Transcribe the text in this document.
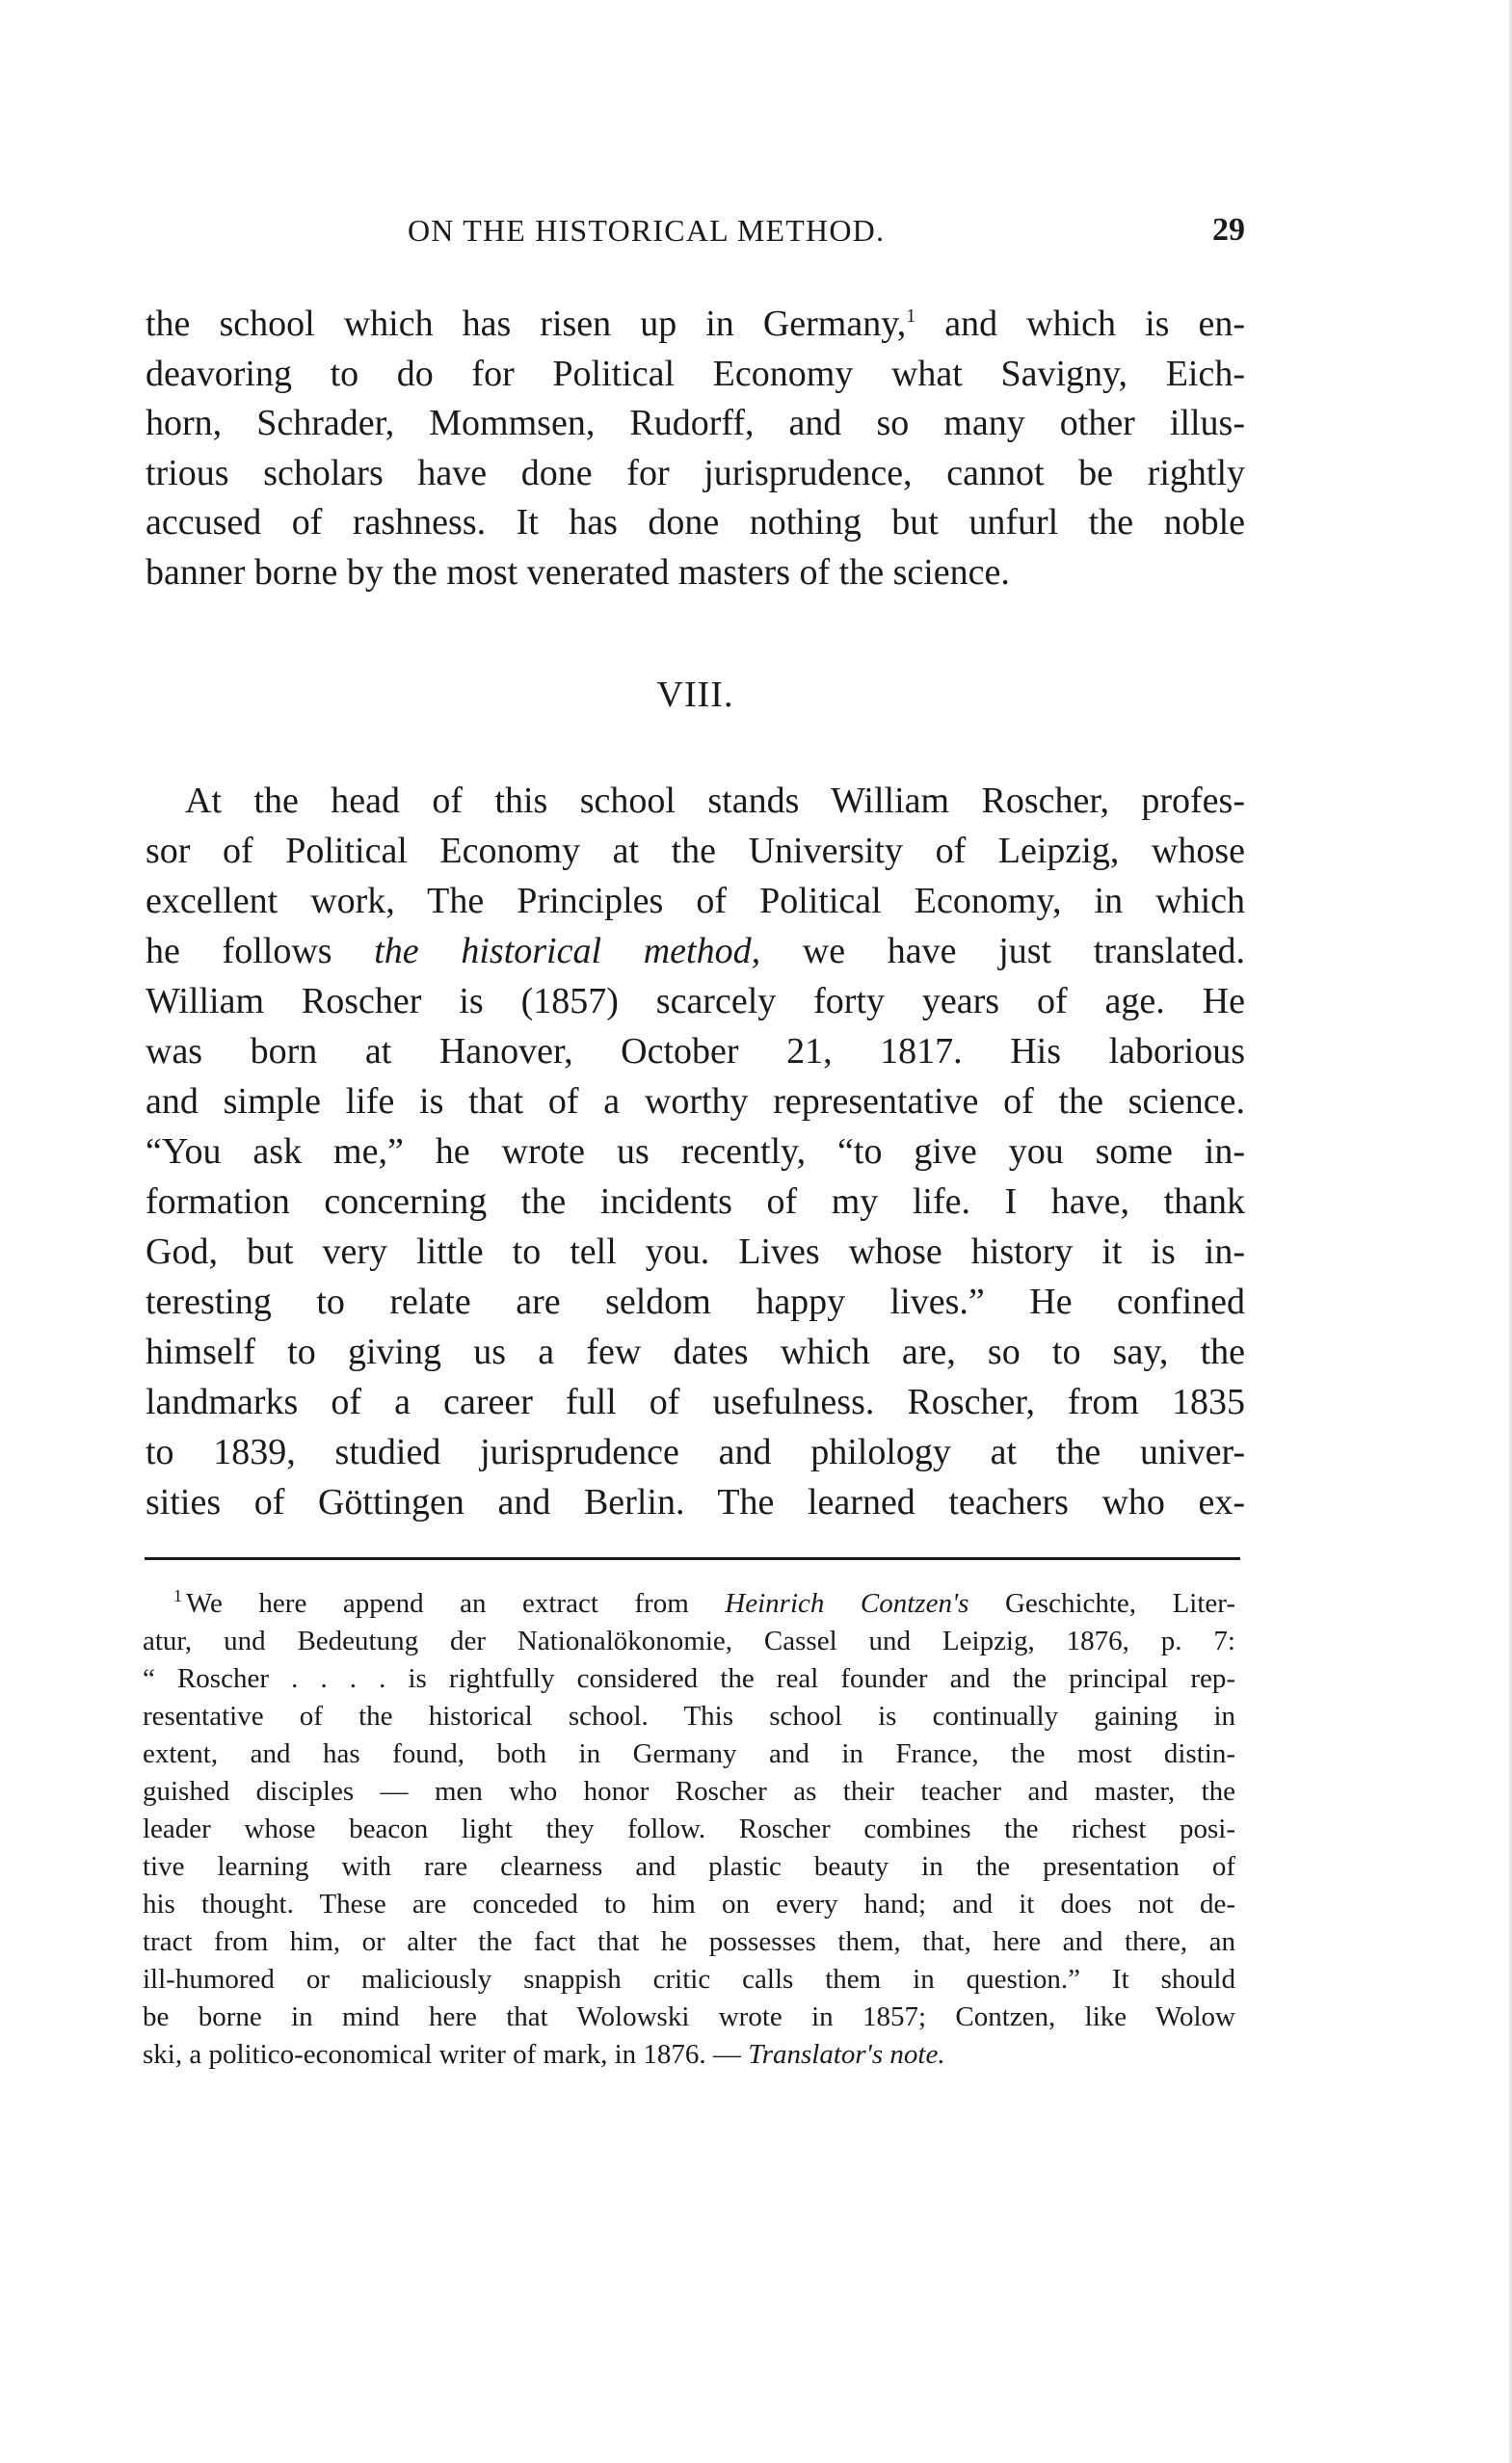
ON THE HISTORICAL METHOD.	29
the school which has risen up in Germany,$^1$ and which is en-
deavoring to do for Political Economy what Savigny, Eich-
horn, Schrader, Mommsen, Rudorff, and so many other illus-
trious scholars have done for jurisprudence, cannot be rightly
accused of rashness. It has done nothing but unfurl the noble
banner borne by the most venerated masters of the science.
VIII.
At the head of this school stands William Roscher, profes-
sor of Political Economy at the University of Leipzig, whose
excellent work, The Principles of Political Economy, in which
he follows the historical method, we have just translated.
William Roscher is (1857) scarcely forty years of age. He
was born at Hanover, October 21, 1817. His laborious
and simple life is that of a worthy representative of the science.
“You ask me,” he wrote us recently, “to give you some in-
formation concerning the incidents of my life. I have, thank
God, but very little to tell you. Lives whose history it is in-
teresting to relate are seldom happy lives.” He confined
himself to giving us a few dates which are, so to say, the
landmarks of a career full of usefulness. Roscher, from 1835
to 1839, studied jurisprudence and philology at the univer-
sities of Göttingen and Berlin. The learned teachers who ex-
$^1$ We here append an extract from Heinrich Contzen's Geschichte, Liter-
atur, und Bedeutung der Nationalökonomie, Cassel und Leipzig, 1876, p. 7:
“ Roscher . . . . is rightfully considered the real founder and the principal rep-
resentative of the historical school. This school is continually gaining in
extent, and has found, both in Germany and in France, the most distin-
guished disciples — men who honor Roscher as their teacher and master, the
leader whose beacon light they follow. Roscher combines the richest posi-
tive learning with rare clearness and plastic beauty in the presentation of
his thought. These are conceded to him on every hand; and it does not de-
tract from him, or alter the fact that he possesses them, that, here and there, an
ill-humored or maliciously snappish critic calls them in question.” It should
be borne in mind here that Wolowski wrote in 1857; Contzen, like Wolow
ski, a politico-economical writer of mark, in 1876. — Translator's note.
